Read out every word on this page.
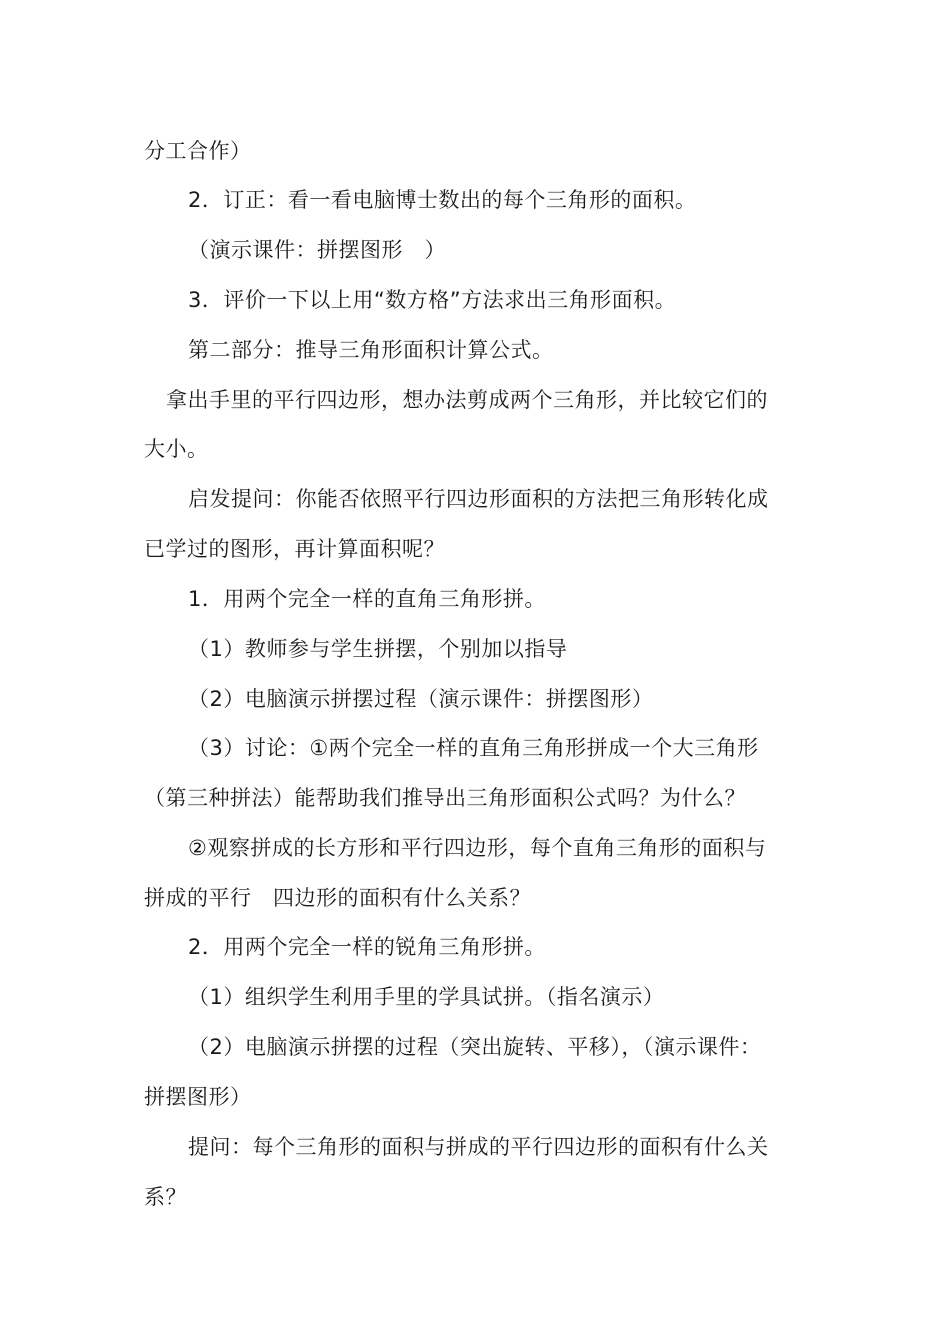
分工合作）
2．订正：看一看电脑博士数出的每个三角形的面积。
（演示课件：拼摆图形　）
3．评价一下以上用“数方格”方法求出三角形面积。
第二部分：推导三角形面积计算公式。
拿出手里的平行四边形，想办法剪成两个三角形，并比较它们的
大小。
启发提问：你能否依照平行四边形面积的方法把三角形转化成
已学过的图形，再计算面积呢？
1．用两个完全一样的直角三角形拼。
（1）教师参与学生拼摆，个别加以指导
（2）电脑演示拼摆过程（演示课件：拼摆图形）
（3）讨论：①两个完全一样的直角三角形拼成一个大三角形
（第三种拼法）能帮助我们推导出三角形面积公式吗？为什么？
②观察拼成的长方形和平行四边形，每个直角三角形的面积与
拼成的平行　四边形的面积有什么关系？
2．用两个完全一样的锐角三角形拼。
（1）组织学生利用手里的学具试拼。（指名演示）
（2）电脑演示拼摆的过程（突出旋转、平移），（演示课件：
拼摆图形）
提问：每个三角形的面积与拼成的平行四边形的面积有什么关
系？
